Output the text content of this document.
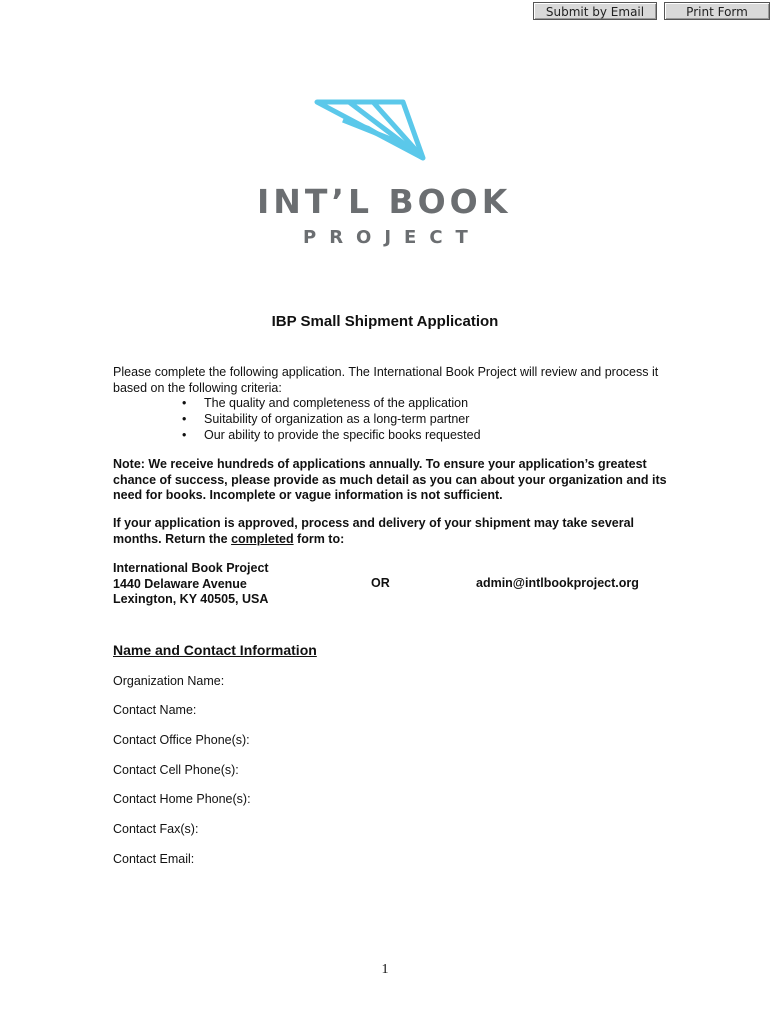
Submit by Email	Print Form
INT’L BOOK
PROJECT
IBP Small Shipment Application
Please complete the following application. The International Book Project will review and process it based on the following criteria:
• The quality and completeness of the application
• Suitability of organization as a long-term partner
• Our ability to provide the specific books requested
Note: We receive hundreds of applications annually. To ensure your application’s greatest chance of success, please provide as much detail as you can about your organization and its need for books. Incomplete or vague information is not sufficient.
If your application is approved, process and delivery of your shipment may take several months. Return the completed form to:
International Book Project
1440 Delaware Avenue
Lexington, KY 40505, USA
OR	admin@intlbookproject.org
Name and Contact Information
Organization Name:
Contact Name:
Contact Office Phone(s):
Contact Cell Phone(s):
Contact Home Phone(s):
Contact Fax(s):
Contact Email:
1
